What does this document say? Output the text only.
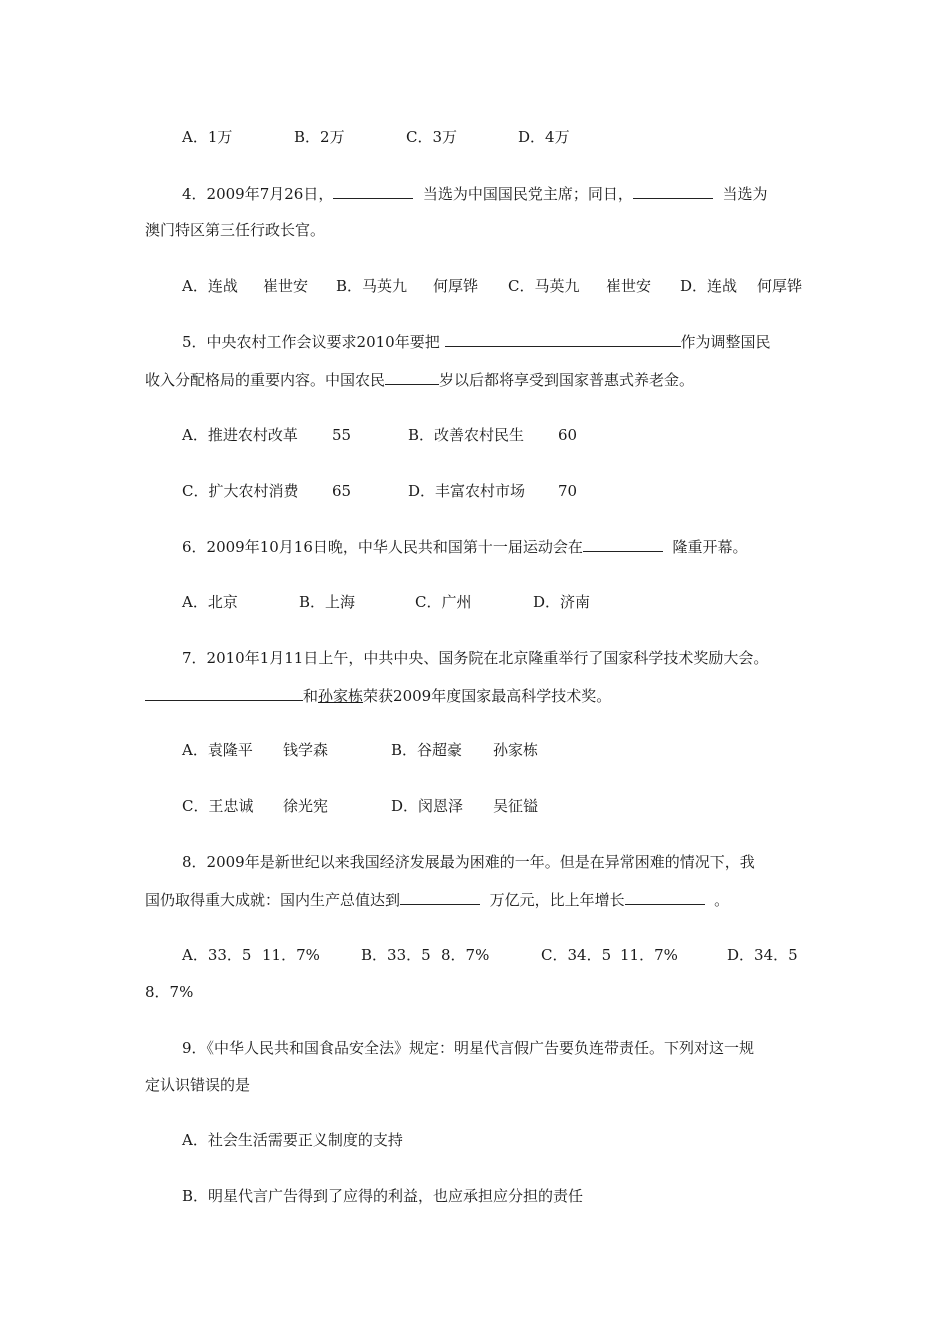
A．1万	B．2万	C．3万	D．4万
4．2009年7月26日，	当选为中国国民党主席；同日，	当选为
澳门特区第三任行政长官。
A．连战 崔世安 B．马英九 何厚铧 C．马英九 崔世安 D．连战 何厚铧
5．中央农村工作会议要求2010年要把	作为调整国民
收入分配格局的重要内容。中国农民	岁以后都将享受到国家普惠式养老金。
A．推进农村改革 55	B．改善农村民生 60
C．扩大农村消费 65	D．丰富农村市场 70
6．2009年10月16日晚，中华人民共和国第十一届运动会在	隆重开幕。
A．北京	B．上海	C．广州	D．济南
7．2010年1月11日上午，中共中央、国务院在北京隆重举行了国家科学技术奖励大会。
和孙家栋荣获2009年度国家最高科学技术奖。
A．袁隆平 钱学森	B．谷超豪 孙家栋
C．王忠诚 徐光宪	D．闵恩泽 吴征镒
8．2009年是新世纪以来我国经济发展最为困难的一年。但是在异常困难的情况下，我
国仍取得重大成就：国内生产总值达到	万亿元，比上年增长	。
A．33．5 11．7%	B．33．5 8．7%	C．34．5 11．7%	D．34．5
8．7%
9．《中华人民共和国食品安全法》规定：明星代言假广告要负连带责任。下列对这一规
定认识错误的是
A．社会生活需要正义制度的支持
B．明星代言广告得到了应得的利益，也应承担应分担的责任
